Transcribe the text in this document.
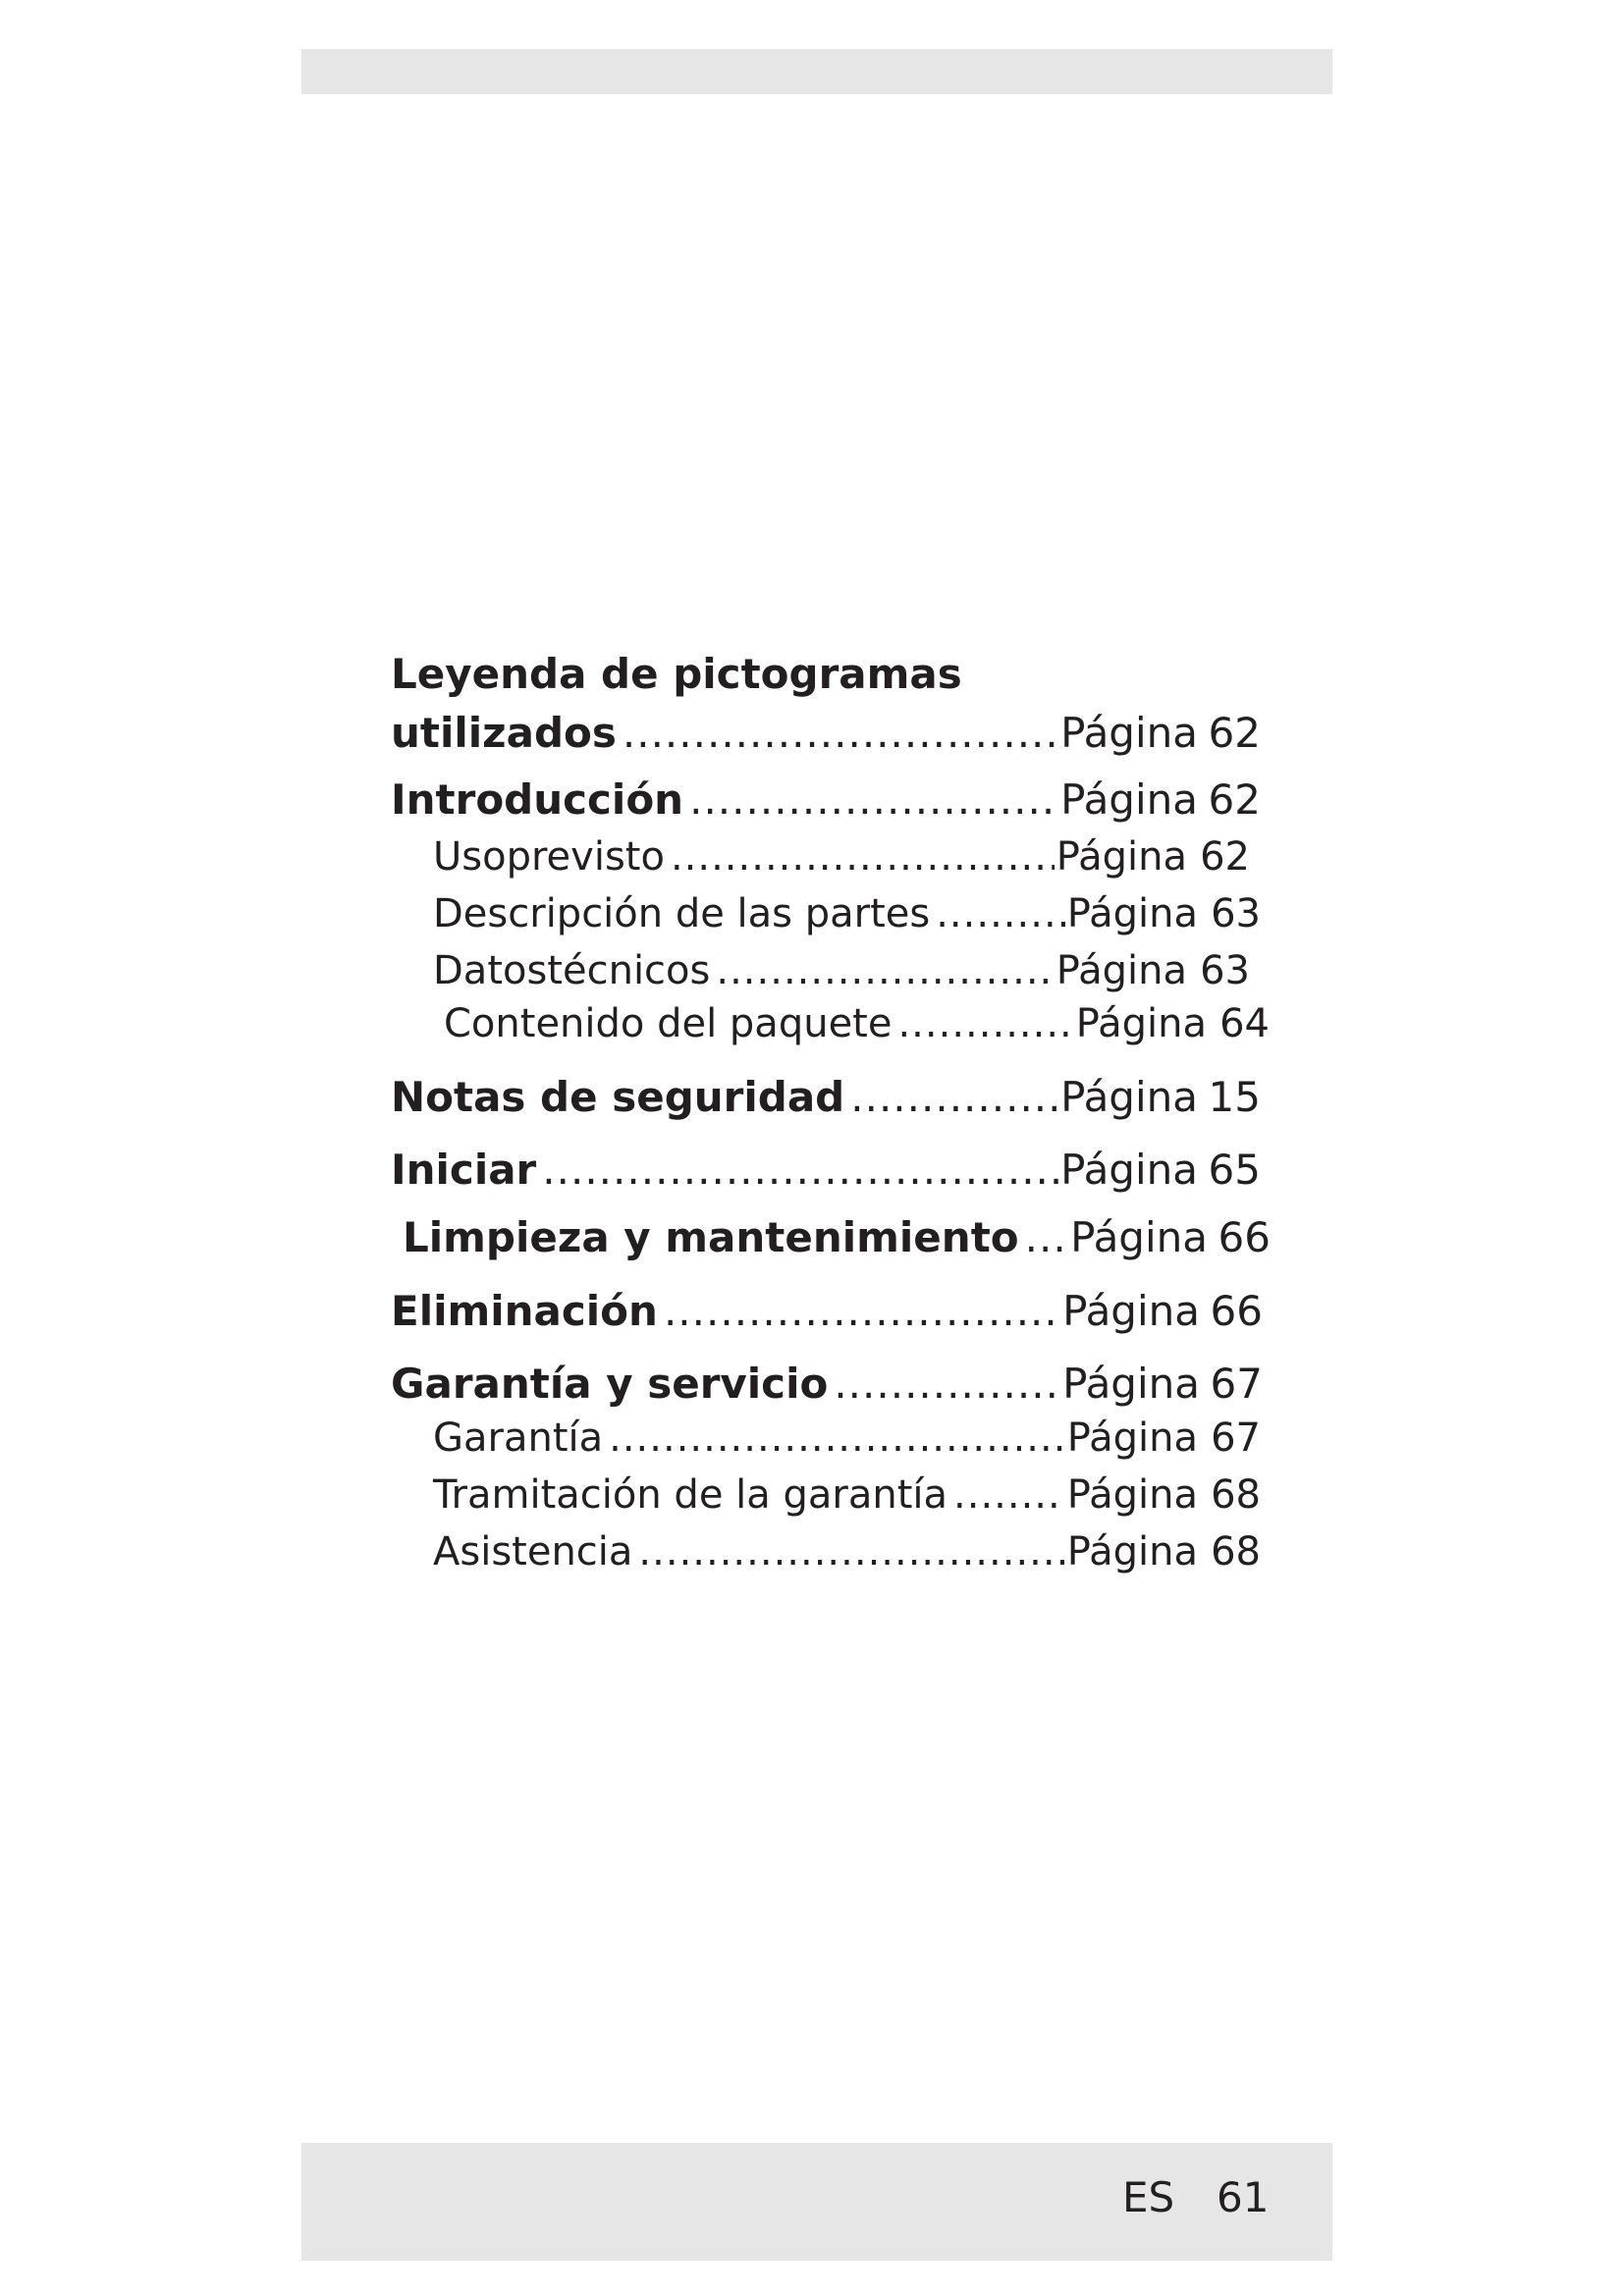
Leyenda de pictogramas
utilizados .....	Página 62
Introducción .....	Página 62
Usoprevisto .....	Página 62
Descripción de las partes .....	Página 63
Datostécnicos .....	Página 63
Contenido del paquete .....	Página 64
Notas de seguridad .....	Página 15
Iniciar .....	Página 65
Limpieza y mantenimiento ..... Página 66
Eliminación .....	Página 66
Garantía y servicio .....	Página 67
Garantía .....	Página 67
Tramitación de la garantía .....	Página 68
Asistencia .....	Página 68
ES 61
